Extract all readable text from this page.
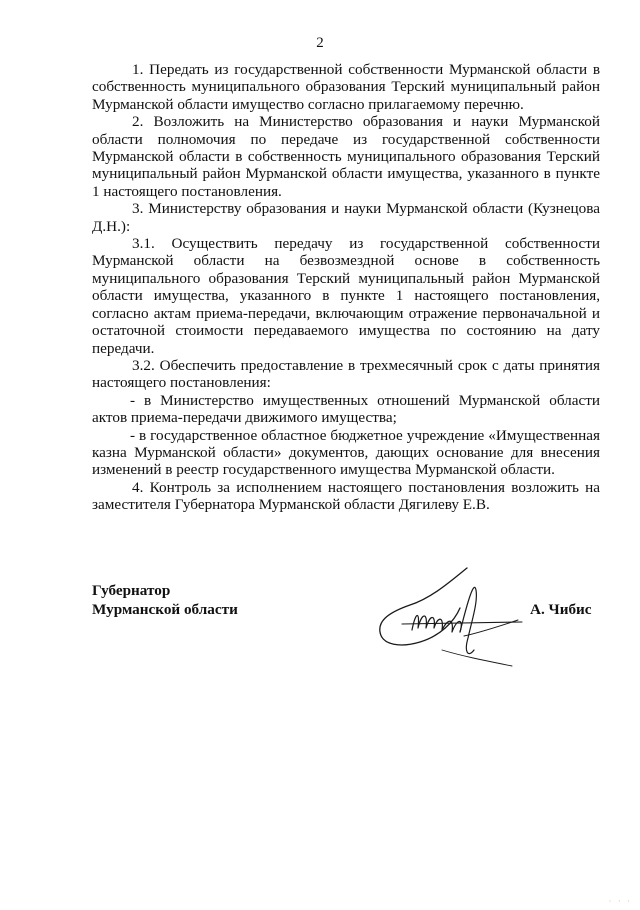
2

1. Передать из государственной собственности Мурманской области в собственность муниципального образования Терский муниципальный район Мурманской области имущество согласно прилагаемому перечню.

2. Возложить на Министерство образования и науки Мурманской области полномочия по передаче из государственной собственности Мурманской области в собственность муниципального образования Терский муниципальный район Мурманской области имущества, указанного в пункте 1 настоящего постановления.

3. Министерству образования и науки Мурманской области (Кузнецова Д.Н.):

3.1. Осуществить передачу из государственной собственности Мурманской области на безвозмездной основе в собственность муниципального образования Терский муниципальный район Мурманской области имущества, указанного в пункте 1 настоящего постановления, согласно актам приема-передачи, включающим отражение первоначальной и остаточной стоимости передаваемого имущества по состоянию на дату передачи.

3.2. Обеспечить предоставление в трехмесячный срок с даты принятия настоящего постановления:

- в Министерство имущественных отношений Мурманской области актов приема-передачи движимого имущества;

- в государственное областное бюджетное учреждение «Имущественная казна Мурманской области» документов, дающих основание для внесения изменений в реестр государственного имущества Мурманской области.

4. Контроль за исполнением настоящего постановления возложить на заместителя Губернатора Мурманской области Дягилеву Е.В.

Губернатор
Мурманской области	А. Чибис
· · ·
